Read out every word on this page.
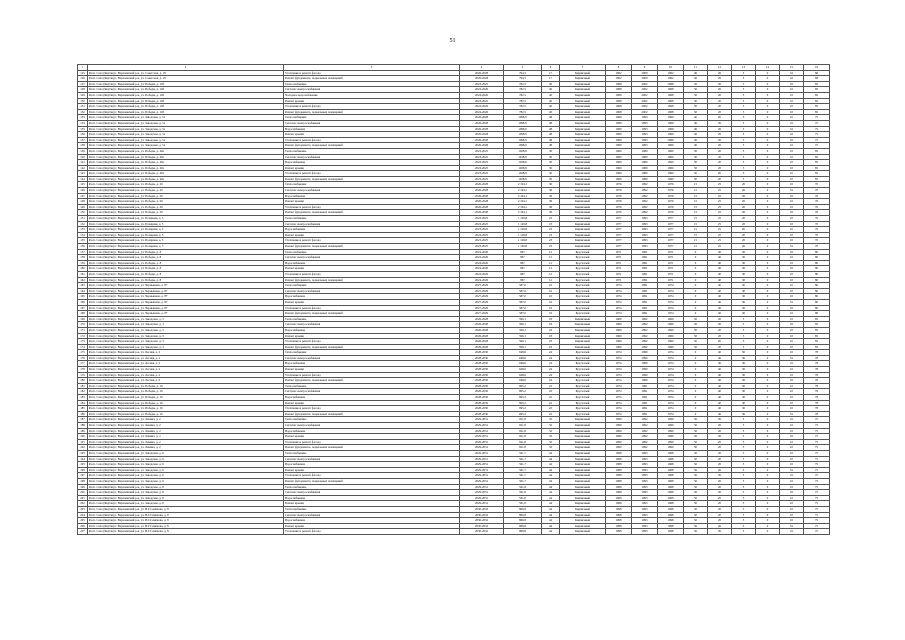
51
1	2	3	4	5	6	7	8	9	10	11	12	13	14	15	16
125	Респ. Саха (Якутия) г. Верхоянский р-н, ул. Советская, д. 18	Утепление и ремонт фасада	2026-2028	794,3	17	Кирпичный	1962	2009	1962	40	20	5	0	10	68
126	Респ. Саха (Якутия) г. Верхоянский р-н, ул. Советская, д. 18	Ремонт фундамента, подвальных помещений	2026-2028	794,3	17	Кирпичный	1962	2009	1962	40	20	5	0	10	68
127	Респ. Саха (Якутия) г. Верхоянский р-н, ул. Победы, д. 10б	Теплоснабжение	2023-2025	782,5	40	Кирпичный	1968	2002	1968	50	20	5	0	10	85
128	Респ. Саха (Якутия) г. Верхоянский р-н, ул. Победы, д. 10б	Система электроснабжения	2024-2026	782,5	40	Кирпичный	1968	2002	1968	50	20	5	0	10	85
129	Респ. Саха (Якутия) г. Верхоянский р-н, ул. Победы, д. 10б	Холодное водоснабжение	2024-2026	782,5	40	Кирпичный	1968	2002	1968	50	20	5	0	10	85
130	Респ. Саха (Якутия) г. Верхоянский р-н, ул. Победы, д. 10б	Ремонт крыши	2023-2025	782,5	40	Кирпичный	1968	2002	1968	50	20	5	0	10	85
131	Респ. Саха (Якутия) г. Верхоянский р-н, ул. Победы, д. 10б	Утепление и ремонт фасада	2024-2026	782,5	40	Кирпичный	1968	2002	1968	50	20	5	0	10	85
132	Респ. Саха (Якутия) г. Верхоянский р-н, ул. Победы, д. 10б	Ремонт фундамента, подвальных помещений	2024-2026	782,5	40	Кирпичный	1968	2002	1968	50	20	5	0	10	85
133	Респ. Саха (Якутия) г. Верхоянский р-н, ул. Заводская, д. 5а	Теплоснабжение	2026-2028	1098,9	48	Кирпичный	1969	1993	1969	40	20	5	0	10	75
134	Респ. Саха (Якутия) г. Верхоянский р-н, ул. Заводская, д. 5а	Система электроснабжения	2026-2028	1098,9	48	Кирпичный	1969	1993	1969	40	20	5	0	10	75
135	Респ. Саха (Якутия) г. Верхоянский р-н, ул. Заводская, д. 5а	Водоснабжение	2026-2028	1098,9	48	Кирпичный	1969	1993	1969	40	20	5	0	10	75
136	Респ. Саха (Якутия) г. Верхоянский р-н, ул. Заводская, д. 5а	Ремонт крыши	2026-2028	1098,9	48	Кирпичный	1969	1993	1969	40	20	5	0	10	75
137	Респ. Саха (Якутия) г. Верхоянский р-н, ул. Заводская, д. 5а	Утепление и ремонт фасада	2026-2028	1098,9	48	Кирпичный	1969	1993	1969	40	20	5	0	10	75
138	Респ. Саха (Якутия) г. Верхоянский р-н, ул. Заводская, д. 5а	Ремонт фундамента, подвальных помещений	2026-2028	1098,9	48	Кирпичный	1969	1993	1969	40	20	5	0	10	75
139	Респ. Саха (Якутия) г. Верхоянский р-н, ул. Победы, д. 40а	Теплоснабжение	2023-2025	1028,8	30	Кирпичный	1960	1980	1960	50	20	5	0	10	85
140	Респ. Саха (Якутия) г. Верхоянский р-н, ул. Победы, д. 40а	Система электроснабжения	2023-2025	1028,8	30	Кирпичный	1960	1980	1960	50	20	5	0	10	85
141	Респ. Саха (Якутия) г. Верхоянский р-н, ул. Победы, д. 40а	Водоснабжение	2023-2025	1028,8	30	Кирпичный	1960	1980	1960	50	20	5	0	10	85
142	Респ. Саха (Якутия) г. Верхоянский р-н, ул. Победы, д. 40а	Ремонт крыши	2023-2025	1028,8	30	Кирпичный	1960	1980	1960	50	20	5	0	10	85
143	Респ. Саха (Якутия) г. Верхоянский р-н, ул. Победы, д. 40а	Утепление и ремонт фасада	2023-2025	1028,8	30	Кирпичный	1960	1980	1960	50	20	5	0	10	85
144	Респ. Саха (Якутия) г. Верхоянский р-н, ул. Победы, д. 40а	Ремонт фундамента, подвальных помещений	2023-2025	1028,8	30	Кирпичный	1960	1980	1960	50	20	5	0	10	85
145	Респ. Саха (Якутия) г. Верхоянский р-н, ул. Победы, д. 20	Теплоснабжение	2026-2028	2 194,1	36	Кирпичный	1976	1992	1976	15	25	20	0	10	70
146	Респ. Саха (Якутия) г. Верхоянский р-н, ул. Победы, д. 20	Система электроснабжения	2026-2028	2 194,1	36	Кирпичный	1976	1992	1976	15	25	20	0	10	70
147	Респ. Саха (Якутия) г. Верхоянский р-н, ул. Победы, д. 20	Водоснабжение	2026-2028	2 194,1	36	Кирпичный	1976	1992	1976	15	25	20	0	10	70
148	Респ. Саха (Якутия) г. Верхоянский р-н, ул. Победы, д. 20	Ремонт крыши	2026-2028	2 194,1	36	Кирпичный	1976	1992	1976	15	25	20	0	10	70
149	Респ. Саха (Якутия) г. Верхоянский р-н, ул. Победы, д. 20	Утепление и ремонт фасада	2026-2028	2 194,1	36	Кирпичный	1976	1992	1976	15	25	20	0	10	70
150	Респ. Саха (Якутия) г. Верхоянский р-н, ул. Победы, д. 20	Ремонт фундамента, подвальных помещений	2026-2028	2 194,1	36	Кирпичный	1976	1992	1976	15	25	20	0	10	70
151	Респ. Саха (Якутия) г. Верхоянский р-н, ул. Полярная, д. 5	Теплоснабжение	2023-2025	1 129,8	23	Кирпичный	1977	1993	1977	15	25	20	0	10	70
152	Респ. Саха (Якутия) г. Верхоянский р-н, ул. Полярная, д. 5	Система электроснабжения	2023-2025	1 129,8	23	Кирпичный	1977	1993	1977	15	25	20	0	10	70
153	Респ. Саха (Якутия) г. Верхоянский р-н, ул. Полярная, д. 5	Водоснабжение	2023-2025	1 129,8	23	Кирпичный	1977	1993	1977	15	25	20	0	10	70
154	Респ. Саха (Якутия) г. Верхоянский р-н, ул. Полярная, д. 5	Ремонт крыши	2023-2025	1 129,8	23	Кирпичный	1977	1993	1977	15	25	20	0	10	70
155	Респ. Саха (Якутия) г. Верхоянский р-н, ул. Полярная, д. 5	Утепление и ремонт фасада	2023-2025	1 129,8	23	Кирпичный	1977	1993	1977	15	25	20	0	10	70
156	Респ. Саха (Якутия) г. Верхоянский р-н, ул. Полярная, д. 5	Ремонт фундамента, подвальных помещений	2023-2025	1 129,8	23	Кирпичный	1977	1993	1977	15	25	20	0	10	70
157	Респ. Саха (Якутия) г. Верхоянский р-н, ул. Победы, д. 8	Теплоснабжение	2024-2026	867	12	Брусчатый	1971	1991	1971	0	40	30	0	10	80
158	Респ. Саха (Якутия) г. Верхоянский р-н, ул. Победы, д. 8	Система электроснабжения	2024-2026	867	12	Брусчатый	1971	1991	1971	0	40	30	0	10	80
159	Респ. Саха (Якутия) г. Верхоянский р-н, ул. Победы, д. 8	Водоснабжение	2024-2026	867	12	Брусчатый	1971	1991	1971	0	40	30	0	10	80
160	Респ. Саха (Якутия) г. Верхоянский р-н, ул. Победы, д. 8	Ремонт крыши	2024-2026	867	12	Брусчатый	1971	1991	1971	0	40	30	0	10	80
161	Респ. Саха (Якутия) г. Верхоянский р-н, ул. Победы, д. 8	Утепление и ремонт фасада	2024-2026	867	12	Брусчатый	1971	1991	1971	0	40	30	0	10	80
162	Респ. Саха (Якутия) г. Верхоянский р-н, ул. Победы, д. 8	Ремонт фундамента, подвальных помещений	2024-2026	867	12	Брусчатый	1971	1991	1971	0	40	30	0	10	80
163	Респ. Саха (Якутия) г. Верхоянский р-н, ул. Чернышева, д. 87	Теплоснабжение	2027-2029	587,0	16	Брусчатый	1974	1991	1974	0	40	30	0	10	80
164	Респ. Саха (Якутия) г. Верхоянский р-н, ул. Чернышева, д. 87	Система электроснабжения	2027-2029	587,0	16	Брусчатый	1974	1991	1974	0	40	30	0	10	80
165	Респ. Саха (Якутия) г. Верхоянский р-н, ул. Чернышева, д. 87	Водоснабжение	2027-2029	587,0	16	Брусчатый	1974	1991	1974	0	40	30	0	10	80
166	Респ. Саха (Якутия) г. Верхоянский р-н, ул. Чернышева, д. 87	Ремонт крыши	2027-2029	587,0	16	Брусчатый	1974	1991	1974	0	40	30	0	10	80
167	Респ. Саха (Якутия) г. Верхоянский р-н, ул. Чернышева, д. 87	Утепление и ремонт фасада	2027-2029	587,0	16	Брусчатый	1974	1991	1974	0	40	30	0	10	80
168	Респ. Саха (Якутия) г. Верхоянский р-н, ул. Чернышева, д. 87	Ремонт фундамента, подвальных помещений	2027-2029	587,0	16	Брусчатый	1974	1991	1974	0	40	30	0	10	80
169	Респ. Саха (Якутия) г. Верхоянский р-н, ул. Заводская, д. 3	Теплоснабжение	2026-2028	599,1	18	Кирпичный	1960	1992	1960	50	20	5	0	10	85
170	Респ. Саха (Якутия) г. Верхоянский р-н, ул. Заводская, д. 3	Система электроснабжения	2026-2028	599,1	18	Кирпичный	1960	1992	1960	50	20	5	0	10	85
171	Респ. Саха (Якутия) г. Верхоянский р-н, ул. Заводская, д. 3	Водоснабжение	2026-2028	599,1	18	Кирпичный	1960	1992	1960	50	20	5	0	10	85
172	Респ. Саха (Якутия) г. Верхоянский р-н, ул. Заводская, д. 3	Ремонт крыши	2026-2028	599,1	18	Кирпичный	1960	1992	1960	50	20	5	0	10	85
173	Респ. Саха (Якутия) г. Верхоянский р-н, ул. Заводская, д. 3	Утепление и ремонт фасада	2026-2028	599,1	18	Кирпичный	1960	1992	1960	50	20	5	0	10	85
174	Респ. Саха (Якутия) г. Верхоянский р-н, ул. Заводская, д. 3	Ремонт фундамента, подвальных помещений	2026-2028	599,1	18	Кирпичный	1960	1992	1960	50	20	5	0	10	85
175	Респ. Саха (Якутия) г. Верхоянский р-н, ул. Лесная, д. 2	Теплоснабжение	2028-2030	648,6	24	Брусчатый	1974	1990	1974	0	40	30	0	10	78
176	Респ. Саха (Якутия) г. Верхоянский р-н, ул. Лесная, д. 2	Система электроснабжения	2028-2030	648,6	24	Брусчатый	1974	1990	1974	0	40	30	0	10	78
177	Респ. Саха (Якутия) г. Верхоянский р-н, ул. Лесная, д. 2	Водоснабжение	2028-2030	648,6	24	Брусчатый	1974	1990	1974	0	40	30	0	10	78
178	Респ. Саха (Якутия) г. Верхоянский р-н, ул. Лесная, д. 2	Ремонт крыши	2028-2030	648,6	24	Брусчатый	1974	1990	1974	0	40	30	0	10	78
179	Респ. Саха (Якутия) г. Верхоянский р-н, ул. Лесная, д. 2	Утепление и ремонт фасада	2028-2030	648,6	24	Брусчатый	1974	1990	1974	0	40	30	0	10	78
180	Респ. Саха (Якутия) г. Верхоянский р-н, ул. Лесная, д. 2	Ремонт фундамента, подвальных помещений	2028-2030	648,6	24	Брусчатый	1974	1990	1974	0	40	30	0	10	78
181	Респ. Саха (Якутия) г. Верхоянский р-н, ул. Победы, д. 16	Теплоснабжение	2028-2030	695,2	22	Брусчатый	1974	1991	1974	0	40	30	0	10	78
182	Респ. Саха (Якутия) г. Верхоянский р-н, ул. Победы, д. 16	Система электроснабжения	2028-2030	695,2	22	Брусчатый	1974	1991	1974	0	40	30	0	10	78
183	Респ. Саха (Якутия) г. Верхоянский р-н, ул. Победы, д. 16	Водоснабжение	2028-2030	695,2	22	Брусчатый	1974	1991	1974	0	40	30	0	10	78
184	Респ. Саха (Якутия) г. Верхоянский р-н, ул. Победы, д. 16	Ремонт крыши	2028-2030	695,2	22	Брусчатый	1974	1991	1974	0	40	30	0	10	78
185	Респ. Саха (Якутия) г. Верхоянский р-н, ул. Победы, д. 16	Утепление и ремонт фасада	2028-2030	695,2	22	Брусчатый	1974	1991	1974	0	40	30	0	10	78
186	Респ. Саха (Якутия) г. Верхоянский р-н, ул. Победы, д. 16	Ремонт фундамента, подвальных помещений	2028-2030	695,2	22	Брусчатый	1974	1991	1974	0	40	30	0	10	78
187	Респ. Саха (Якутия) г. Верхоянский р-н, ул. Ленина, д. 2	Теплоснабжение	2029-2031	921,8	32	Кирпичный	1990	1992	1990	50	20	5	0	10	75
188	Респ. Саха (Якутия) г. Верхоянский р-н, ул. Ленина, д. 2	Система электроснабжения	2029-2031	921,8	32	Кирпичный	1990	1992	1990	50	20	5	0	10	75
189	Респ. Саха (Якутия) г. Верхоянский р-н, ул. Ленина, д. 2	Водоснабжение	2029-2031	921,8	32	Кирпичный	1990	1992	1990	50	20	5	0	10	75
190	Респ. Саха (Якутия) г. Верхоянский р-н, ул. Ленина, д. 2	Ремонт крыши	2029-2031	921,8	32	Кирпичный	1990	1992	1990	50	20	5	0	10	75
191	Респ. Саха (Якутия) г. Верхоянский р-н, ул. Ленина, д. 2	Утепление и ремонт фасада	2029-2031	921,8	32	Кирпичный	1990	1992	1990	50	20	5	0	10	75
192	Респ. Саха (Якутия) г. Верхоянский р-н, ул. Ленина, д. 2	Ремонт фундамента, подвальных помещений	2029-2031	921,8	32	Кирпичный	1990	1992	1990	50	20	5	0	10	75
193	Респ. Саха (Якутия) г. Верхоянский р-н, ул. Заводская, д. 6	Теплоснабжение	2029-2031	561,7	44	Кирпичный	1968	1993	1968	50	20	5	0	10	75
194	Респ. Саха (Якутия) г. Верхоянский р-н, ул. Заводская, д. 6	Система электроснабжения	2029-2031	561,7	44	Кирпичный	1968	1993	1968	50	20	5	0	10	75
195	Респ. Саха (Якутия) г. Верхоянский р-н, ул. Заводская, д. 6	Водоснабжение	2029-2031	561,7	44	Кирпичный	1968	1993	1968	50	20	5	0	10	75
196	Респ. Саха (Якутия) г. Верхоянский р-н, ул. Заводская, д. 6	Ремонт крыши	2029-2031	561,7	44	Кирпичный	1968	1993	1968	50	20	5	0	10	75
197	Респ. Саха (Якутия) г. Верхоянский р-н, ул. Заводская, д. 6	Утепление и ремонт фасада	2029-2031	561,7	44	Кирпичный	1968	1993	1968	50	20	5	0	10	75
198	Респ. Саха (Якутия) г. Верхоянский р-н, ул. Заводская, д. 6	Ремонт фундамента, подвальных помещений	2029-2031	561,7	44	Кирпичный	1968	1993	1968	50	20	5	0	10	75
199	Респ. Саха (Якутия) г. Верхоянский р-н, ул. Заводская, д. 8	Теплоснабжение	2029-2031	561,8	44	Кирпичный	1968	1993	1968	50	20	5	0	10	75
200	Респ. Саха (Якутия) г. Верхоянский р-н, ул. Заводская, д. 8	Система электроснабжения	2029-2031	561,8	44	Кирпичный	1968	1993	1968	50	20	5	0	10	75
201	Респ. Саха (Якутия) г. Верхоянский р-н, ул. Заводская, д. 8	Водоснабжение	2029-2031	561,8	44	Кирпичный	1968	1993	1968	50	20	5	0	10	75
202	Респ. Саха (Якутия) г. Верхоянский р-н, ул. Заводская, д. 8	Ремонт крыши	2029-2031	561,8	44	Кирпичный	1968	1993	1968	50	20	5	0	10	75
203	Респ. Саха (Якутия) г. Верхоянский р-н, ул. Н.Г.Семёнова, д. 8	Теплоснабжение	2030-2032	866,8	44	Кирпичный	1998	1993	1998	50	20	5	0	10	75
204	Респ. Саха (Якутия) г. Верхоянский р-н, ул. Н.Г.Семёнова, д. 8	Система электроснабжения	2030-2032	866,8	44	Кирпичный	1998	1993	1998	50	20	5	0	10	75
205	Респ. Саха (Якутия) г. Верхоянский р-н, ул. Н.Г.Семёнова, д. 8	Водоснабжение	2030-2032	866,8	44	Кирпичный	1998	1993	1998	50	20	5	0	10	75
206	Респ. Саха (Якутия) г. Верхоянский р-н, ул. Н.Г.Семёнова, д. 8	Ремонт крыши	2030-2032	866,8	44	Кирпичный	1998	1993	1998	50	20	5	0	10	75
207	Респ. Саха (Якутия) г. Верхоянский р-н, ул. Н.Г.Семёнова, д. 8	Утепление и ремонт фасада	2030-2032	866,8	44	Кирпичный	1998	1993	1998	50	20	5	0	10	75
